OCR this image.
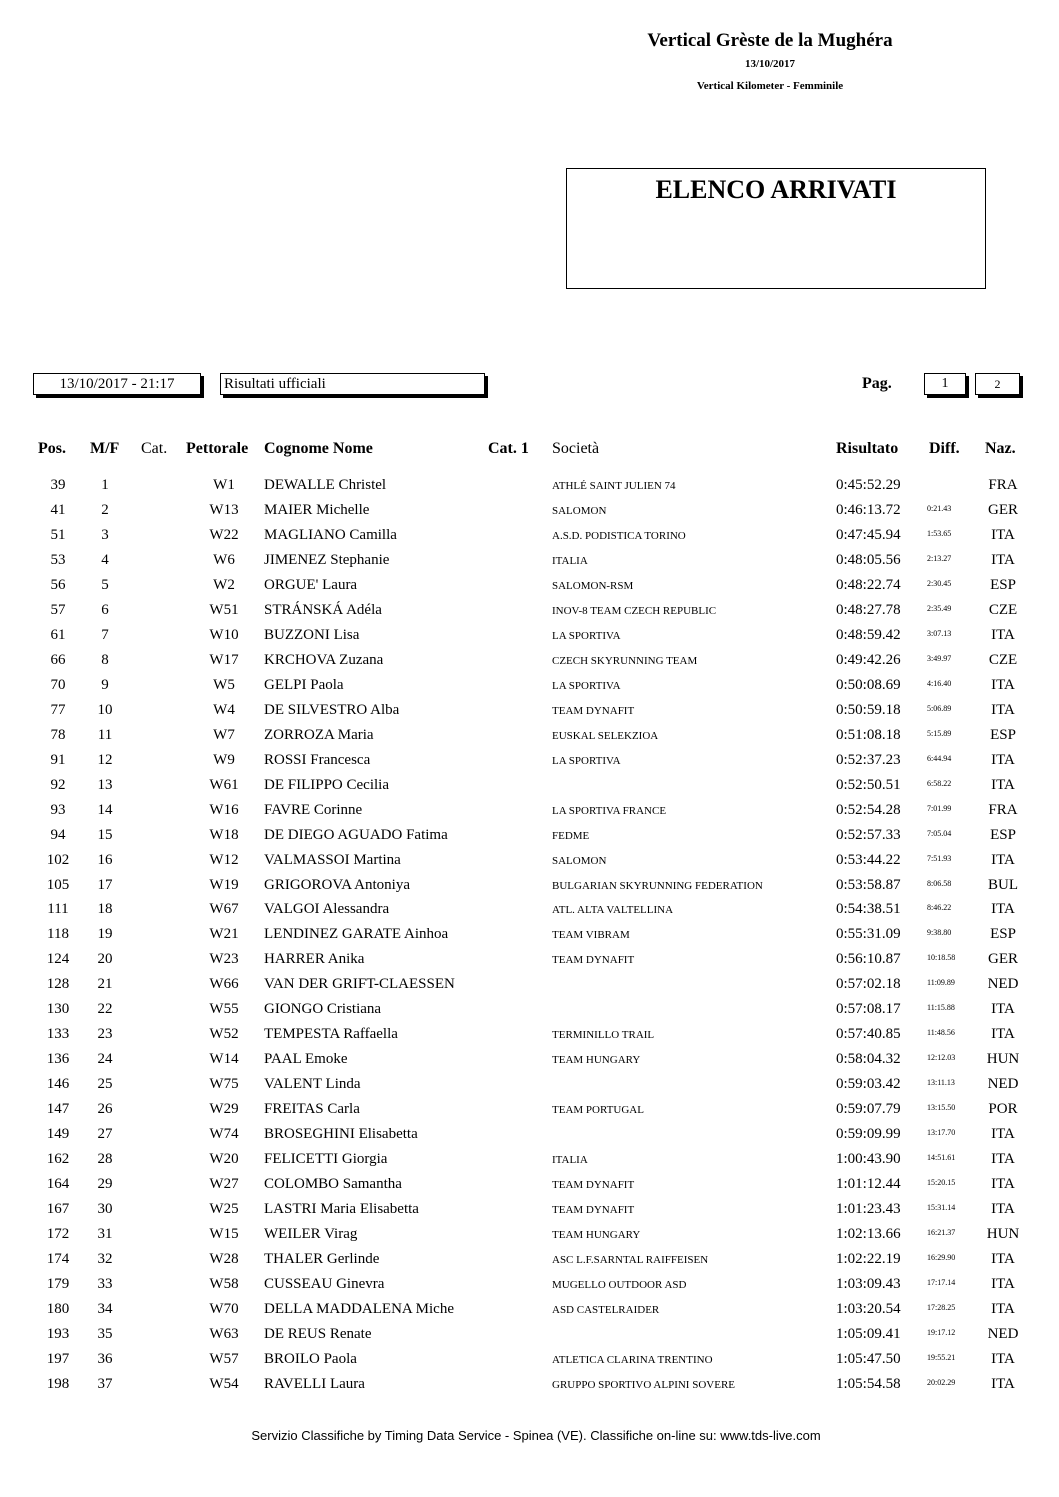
Vertical Grèste de la Mughéra
13/10/2017
Vertical Kilometer - Femminile
ELENCO ARRIVATI
13/10/2017 - 21:17	Risultati ufficiali	Pag.	1	2
Pos. M/F Cat. Pettorale Cognome Nome	Cat. 1 Società	Risultato Diff. Naz.
39	1	W1	DEWALLE Christel	ATHLÉ SAINT JULIEN 74	0:45:52.29	FRA
41	2	W13	MAIER Michelle	SALOMON	0:46:13.72	0:21.43	GER
51	3	W22	MAGLIANO Camilla	A.S.D. PODISTICA TORINO	0:47:45.94	1:53.65	ITA
53	4	W6	JIMENEZ Stephanie	ITALIA	0:48:05.56	2:13.27	ITA
56	5	W2	ORGUE' Laura	SALOMON-RSM	0:48:22.74	2:30.45	ESP
57	6	W51	STRÁNSKÁ Adéla	INOV-8 TEAM CZECH REPUBLIC	0:48:27.78	2:35.49	CZE
61	7	W10	BUZZONI Lisa	LA SPORTIVA	0:48:59.42	3:07.13	ITA
66	8	W17	KRCHOVA Zuzana	CZECH SKYRUNNING TEAM	0:49:42.26	3:49.97	CZE
70	9	W5	GELPI Paola	LA SPORTIVA	0:50:08.69	4:16.40	ITA
77	10	W4	DE SILVESTRO Alba	TEAM DYNAFIT	0:50:59.18	5:06.89	ITA
78	11	W7	ZORROZA Maria	EUSKAL SELEKZIOA	0:51:08.18	5:15.89	ESP
91	12	W9	ROSSI Francesca	LA SPORTIVA	0:52:37.23	6:44.94	ITA
92	13	W61	DE FILIPPO Cecilia	0:52:50.51	6:58.22	ITA
93	14	W16	FAVRE Corinne	LA SPORTIVA FRANCE	0:52:54.28	7:01.99	FRA
94	15	W18	DE DIEGO AGUADO Fatima	FEDME	0:52:57.33	7:05.04	ESP
102	16	W12	VALMASSOI Martina	SALOMON	0:53:44.22	7:51.93	ITA
105	17	W19	GRIGOROVA Antoniya	BULGARIAN SKYRUNNING FEDERATION	0:53:58.87	8:06.58	BUL
111	18	W67	VALGOI Alessandra	ATL. ALTA VALTELLINA	0:54:38.51	8:46.22	ITA
118	19	W21	LENDINEZ GARATE Ainhoa	TEAM VIBRAM	0:55:31.09	9:38.80	ESP
124	20	W23	HARRER Anika	TEAM DYNAFIT	0:56:10.87	10:18.58	GER
128	21	W66	VAN DER GRIFT-CLAESSEN	0:57:02.18	11:09.89	NED
130	22	W55	GIONGO Cristiana	0:57:08.17	11:15.88	ITA
133	23	W52	TEMPESTA Raffaella	TERMINILLO TRAIL	0:57:40.85	11:48.56	ITA
136	24	W14	PAAL Emoke	TEAM HUNGARY	0:58:04.32	12:12.03	HUN
146	25	W75	VALENT Linda	0:59:03.42	13:11.13	NED
147	26	W29	FREITAS Carla	TEAM PORTUGAL	0:59:07.79	13:15.50	POR
149	27	W74	BROSEGHINI Elisabetta	0:59:09.99	13:17.70	ITA
162	28	W20	FELICETTI Giorgia	ITALIA	1:00:43.90	14:51.61	ITA
164	29	W27	COLOMBO Samantha	TEAM DYNAFIT	1:01:12.44	15:20.15	ITA
167	30	W25	LASTRI Maria Elisabetta	TEAM DYNAFIT	1:01:23.43	15:31.14	ITA
172	31	W15	WEILER Virag	TEAM HUNGARY	1:02:13.66	16:21.37	HUN
174	32	W28	THALER Gerlinde	ASC L.F.SARNTAL RAIFFEISEN	1:02:22.19	16:29.90	ITA
179	33	W58	CUSSEAU Ginevra	MUGELLO OUTDOOR ASD	1:03:09.43	17:17.14	ITA
180	34	W70	DELLA MADDALENA Miche	ASD CASTELRAIDER	1:03:20.54	17:28.25	ITA
193	35	W63	DE REUS Renate	1:05:09.41	19:17.12	NED
197	36	W57	BROILO Paola	ATLETICA CLARINA TRENTINO	1:05:47.50	19:55.21	ITA
198	37	W54	RAVELLI Laura	GRUPPO SPORTIVO ALPINI SOVERE	1:05:54.58	20:02.29	ITA
Servizio Classifiche by Timing Data Service - Spinea (VE). Classifiche on-line su: www.tds-live.com
